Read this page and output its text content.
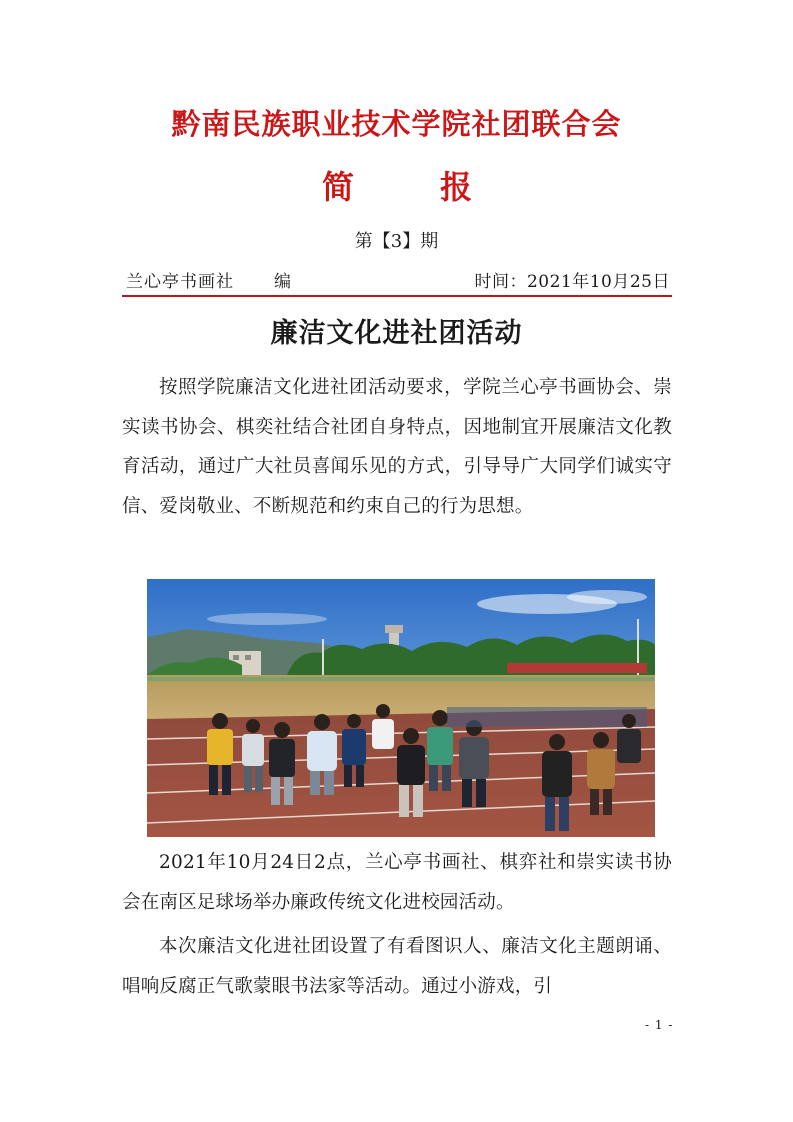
黔南民族职业技术学院社团联合会
简	报
第【3】期
兰心亭书画社 编	时间：2021年10月25日
廉洁文化进社团活动

按照学院廉洁文化进社团活动要求，学院兰心亭书画协会、崇实读书协会、棋奕社结合社团自身特点，因地制宜开展廉洁文化教育活动，通过广大社员喜闻乐见的方式，引导导广大同学们诚实守信、爱岗敬业、不断规范和约束自己的行为思想。

2021年10月24日2点，兰心亭书画社、棋弈社和崇实读书协会在南区足球场举办廉政传统文化进校园活动。

本次廉洁文化进社团设置了有看图识人、廉洁文化主题朗诵、唱响反腐正气歌蒙眼书法家等活动。通过小游戏，引

- 1 -
